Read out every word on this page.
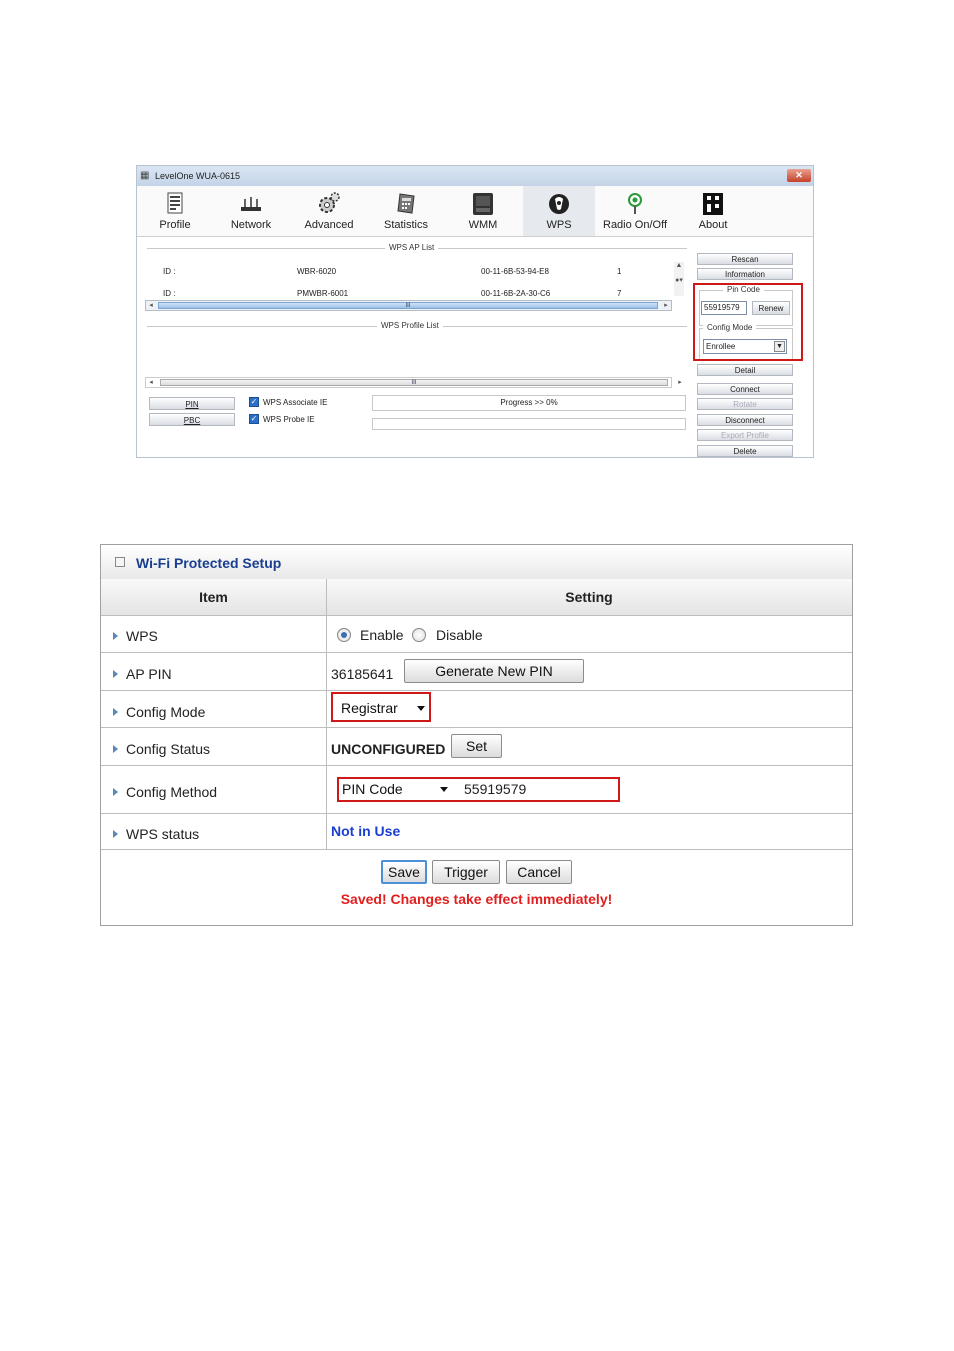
▦ LevelOne WUA-0615	✕
Profile	Network	Advanced	Statistics	WMM	WPS	Radio On/Off	About
WPS AP List
ID :	WBR-6020	00-11-6B-53-94-E8	1
ID :	PMWBR-6001	00-11-6B-2A-30-C6	7
▲

●▾
◂	III	▸
WPS Profile List
◂	III	▸
PIN
PBC
✓ WPS Associate IE
✓ WPS Probe IE
Progress >> 0%
Rescan
Information
Pin Code
55919579	Renew
Config Mode
Enrollee	▼
Detail
Connect
Rotate
Disconnect
Export Profile
Delete
Wi-Fi Protected Setup
Item	Setting
WPS	Enable Disable
AP PIN	36185641	Generate New PIN
Config Mode	Registrar
Config Status	UNCONFIGURED	Set
Config Method	PIN Code	55919579
WPS status	Not in Use
Save	Trigger	Cancel
Saved! Changes take effect immediately!
